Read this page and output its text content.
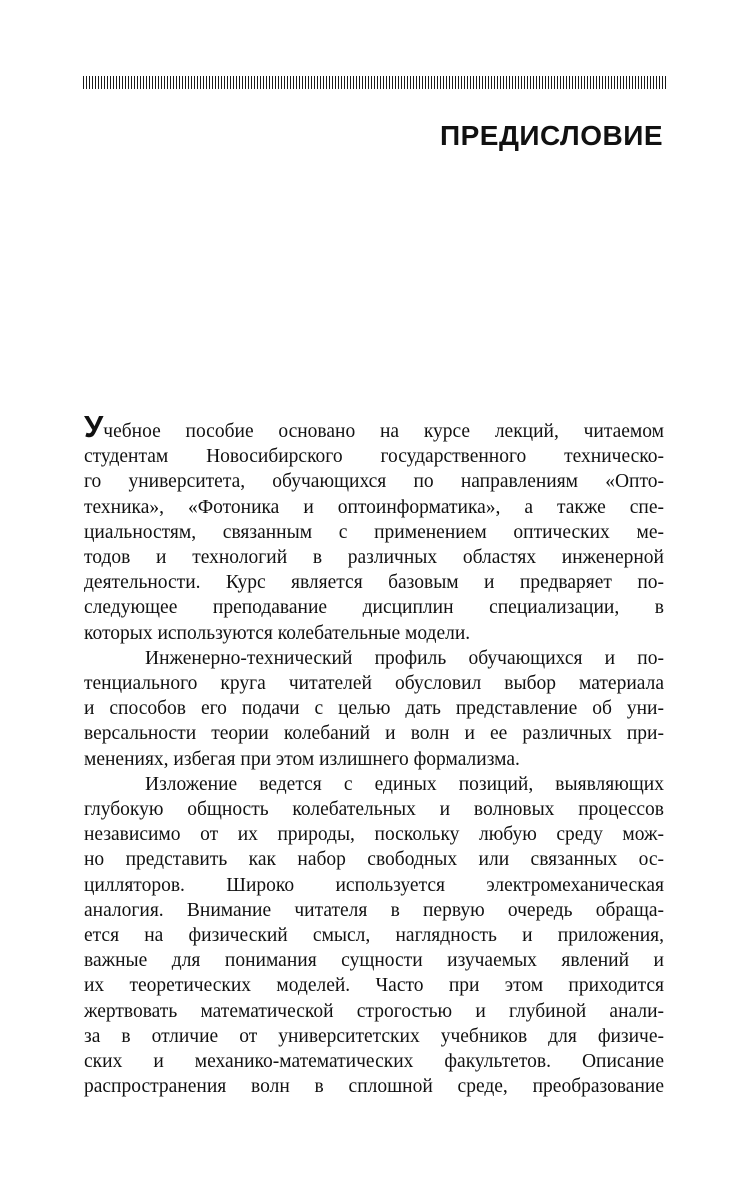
ПРЕДИСЛОВИЕ
Учебное пособие основано на курсе лекций, читаемом
студентам Новосибирского государственного техническо-
го университета, обучающихся по направлениям «Опто-
техника», «Фотоника и оптоинформатика», а также спе-
циальностям, связанным с применением оптических ме-
тодов и технологий в различных областях инженерной
деятельности. Курс является базовым и предваряет по-
следующее преподавание дисциплин специализации, в
которых используются колебательные модели.
Инженерно-технический профиль обучающихся и по-
тенциального круга читателей обусловил выбор материала
и способов его подачи с целью дать представление об уни-
версальности теории колебаний и волн и ее различных при-
менениях, избегая при этом излишнего формализма.
Изложение ведется с единых позиций, выявляющих
глубокую общность колебательных и волновых процессов
независимо от их природы, поскольку любую среду мож-
но представить как набор свободных или связанных ос-
цилляторов. Широко используется электромеханическая
аналогия. Внимание читателя в первую очередь обраща-
ется на физический смысл, наглядность и приложения,
важные для понимания сущности изучаемых явлений и
их теоретических моделей. Часто при этом приходится
жертвовать математической строгостью и глубиной анали-
за в отличие от университетских учебников для физиче-
ских и механико-математических факультетов. Описание
распространения волн в сплошной среде, преобразование
